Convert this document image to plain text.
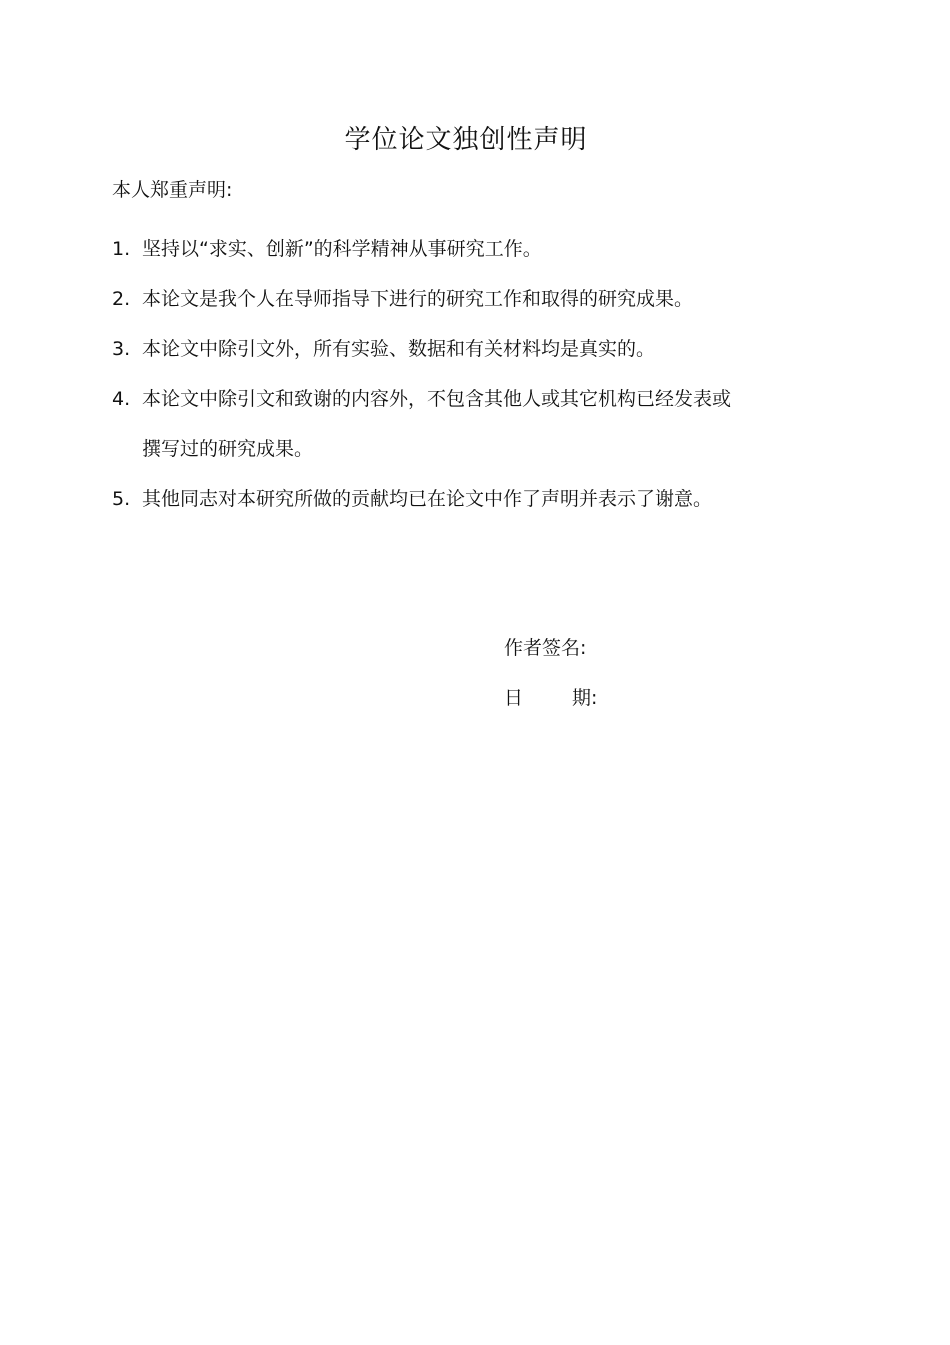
学位论文独创性声明
本人郑重声明:
1. 坚持以“求实、创新”的科学精神从事研究工作。
2. 本论文是我个人在导师指导下进行的研究工作和取得的研究成果。
3. 本论文中除引文外，所有实验、数据和有关材料均是真实的。
4. 本论文中除引文和致谢的内容外，不包含其他人或其它机构已经发表或
撰写过的研究成果。
5. 其他同志对本研究所做的贡献均已在论文中作了声明并表示了谢意。
作者签名:
日	期:
